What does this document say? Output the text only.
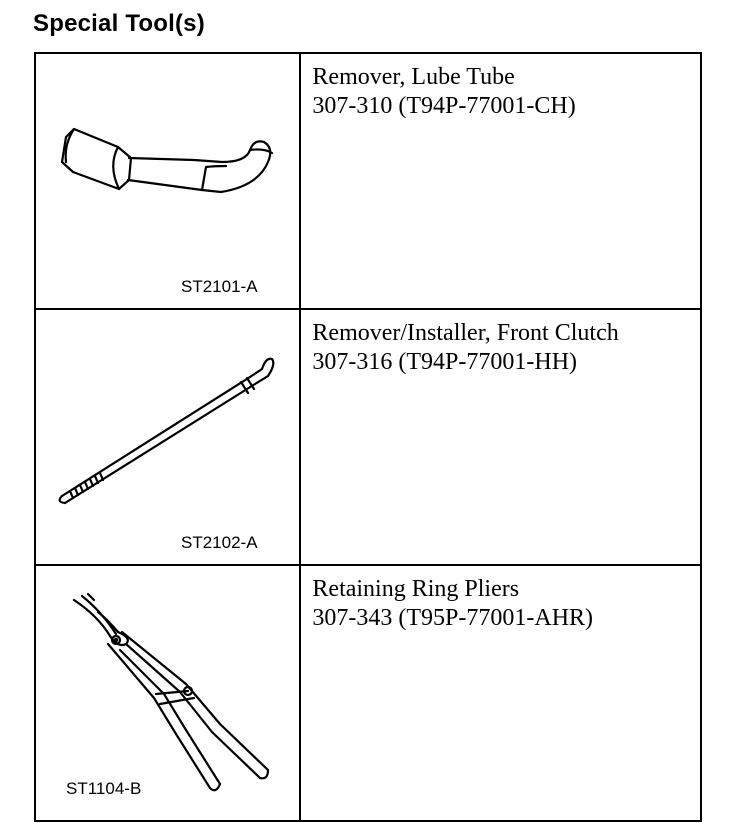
Special Tool(s)
ST2101-A	Remover, Lube Tube
307-310 (T94P-77001-CH)

ST2102-A	Remover/Installer, Front Clutch
307-316 (T94P-77001-HH)

ST1104-B	Retaining Ring Pliers
307-343 (T95P-77001-AHR)
